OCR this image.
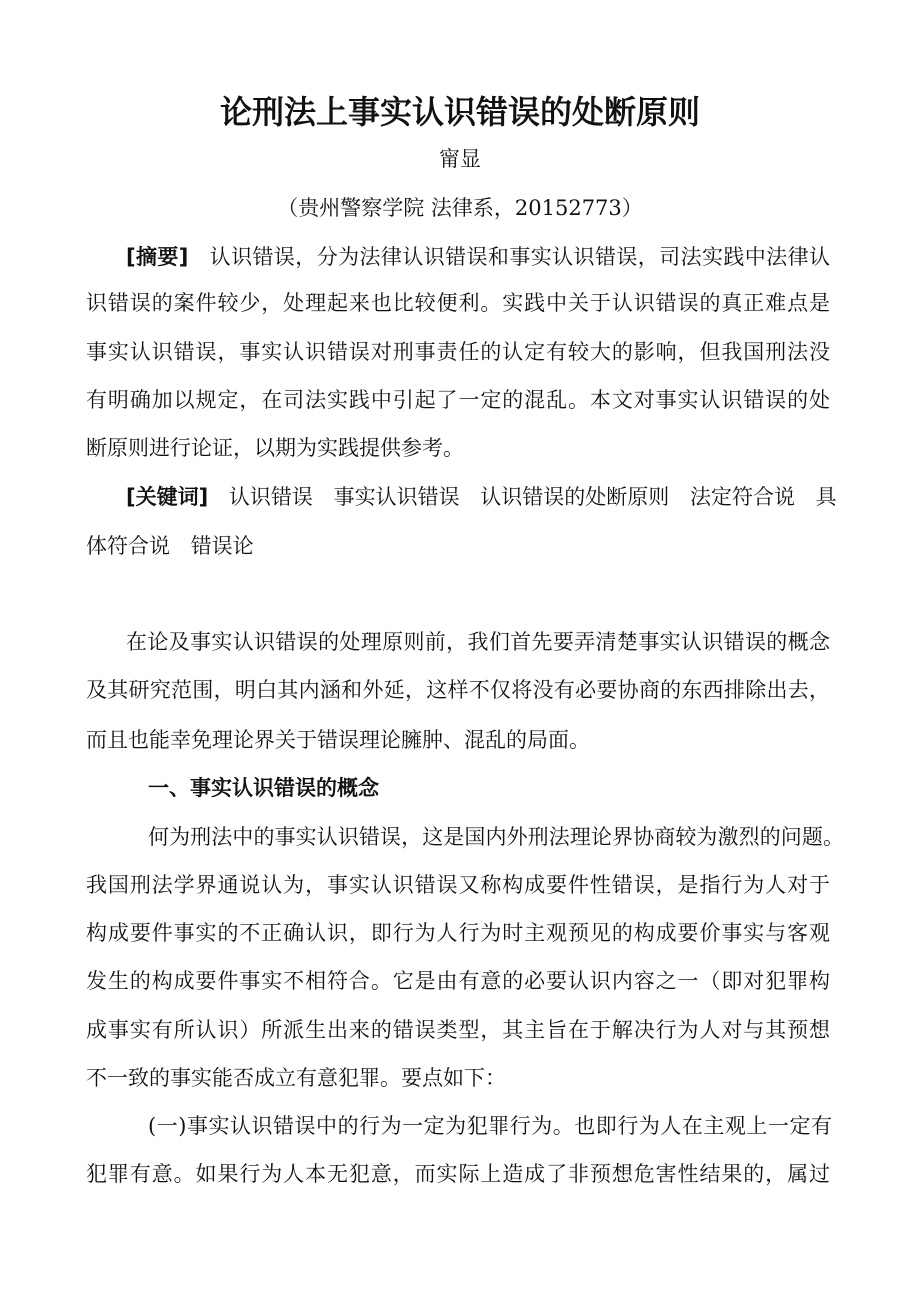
论刑法上事实认识错误的处断原则
甯显
（贵州警察学院 法律系，20152773）
[摘要] 认识错误，分为法律认识错误和事实认识错误，司法实践中法律认
识错误的案件较少，处理起来也比较便利。实践中关于认识错误的真正难点是
事实认识错误，事实认识错误对刑事责任的认定有较大的影响，但我国刑法没
有明确加以规定，在司法实践中引起了一定的混乱。本文对事实认识错误的处
断原则进行论证，以期为实践提供参考。
[关键词] 认识错误 事实认识错误 认识错误的处断原则 法定符合说 具
体符合说 错误论
在论及事实认识错误的处理原则前，我们首先要弄清楚事实认识错误的概念
及其研究范围，明白其内涵和外延，这样不仅将没有必要协商的东西排除出去，
而且也能幸免理论界关于错误理论臃肿、混乱的局面。
一、事实认识错误的概念
何为刑法中的事实认识错误，这是国内外刑法理论界协商较为激烈的问题。
我国刑法学界通说认为，事实认识错误又称构成要件性错误，是指行为人对于
构成要件事实的不正确认识，即行为人行为时主观预见的构成要价事实与客观
发生的构成要件事实不相符合。它是由有意的必要认识内容之一（即对犯罪构
成事实有所认识）所派生出来的错误类型，其主旨在于解决行为人对与其预想
不一致的事实能否成立有意犯罪。要点如下：
(一)事实认识错误中的行为一定为犯罪行为。也即行为人在主观上一定有
犯罪有意。如果行为人本无犯意，而实际上造成了非预想危害性结果的，属过
